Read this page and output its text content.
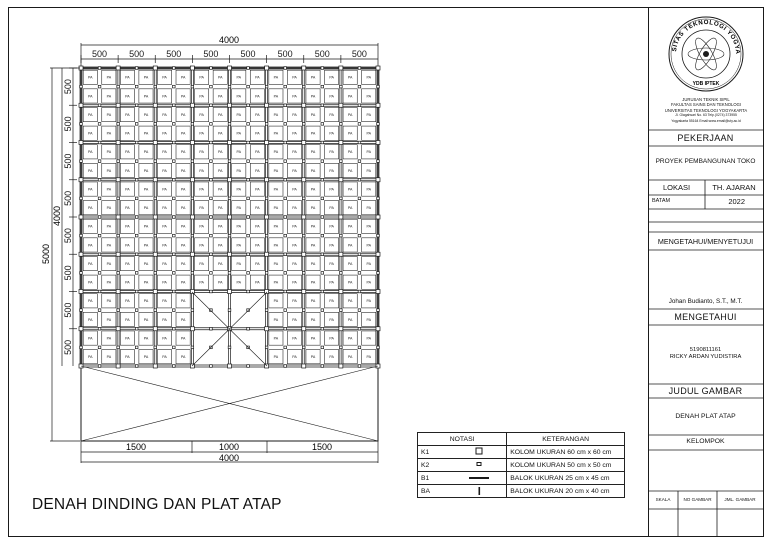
PA	PA	PA	PA	PA	PA	PA	PA	PA	PA	PA	PA	PA	PA	PA	PA
PA	PA	PA	PA	PA	PA	PA	PA	PA	PA	PA	PA	PA	PA	PA	PA
PA	PA	PA	PA	PA	PA	PA	PA	PA	PA	PA	PA	PA	PA	PA	PA
PA	PA	PA	PA	PA	PA	PA	PA	PA	PA	PA	PA	PA	PA	PA	PA
PA	PA	PA	PA	PA	PA	PA	PA	PA	PA	PA	PA	PA	PA	PA	PA
PA	PA	PA	PA	PA	PA	PA	PA	PA	PA	PA	PA	PA	PA	PA	PA
PA	PA	PA	PA	PA	PA	PA	PA	PA	PA	PA	PA	PA	PA	PA	PA
PA	PA	PA	PA	PA	PA	PA	PA	PA	PA	PA	PA	PA	PA	PA	PA
PA	PA	PA	PA	PA	PA	PA	PA	PA	PA	PA	PA	PA	PA	PA	PA
PA	PA	PA	PA	PA	PA	PA	PA	PA	PA	PA	PA	PA	PA	PA	PA
PA	PA	PA	PA	PA	PA	PA	PA	PA	PA	PA	PA	PA	PA	PA	PA
PA	PA	PA	PA	PA	PA	PA	PA	PA	PA	PA	PA	PA	PA	PA	PA
PA	PA	PA	PA	PA	PA	PA	PA	PA	PA	PA	PA
PA	PA	PA	PA	PA	PA	PA	PA	PA	PA	PA	PA
PA	PA	PA	PA	PA	PA	PA	PA	PA	PA	PA	PA
PA	PA	PA	PA	PA	PA	PA	PA	PA	PA	PA	PA
500 500 500 500 500 500 500 500
500
500
500
500
500
500
500
500
4000
5000
4000
1500	1000	1500
4000
SITAS TEKNOLOGI YOGYA
YDB IPTEK
NOTASI		KETERANGAN
K1		KOLOM UKURAN 60 cm x 60 cm
K2		KOLOM UKURAN 50 cm x 50 cm
B1		BALOK UKURAN 25 cm x 45 cm
BA		BALOK UKURAN 20 cm x 40 cm
DENAH DINDING DAN PLAT ATAP
JURUSAN TEKNIK SIPIL
FAKULTAS SAINS DAN TEKNOLOGI
UNIVERSITAS TEKNOLOGI YOGYAKARTA
Jl. Glagahsari No. 63 Telp.(0274) 373955
Yogyakarta 55164 Email:www.email@uty.ac.id
PEKERJAAN
PROYEK PEMBANGUNAN TOKO
LOKASI	TH. AJARAN
BATAM	2022
MENGETAHUI/MENYETUJUI
Johan Budianto, S.T., M.T.
MENGETAHUI
5190811161
RICKY ARDAN YUDISTIRA
JUDUL GAMBAR
DENAH PLAT ATAP
KELOMPOK
SKALA	NO GAMBAR	JML. GAMBAR
